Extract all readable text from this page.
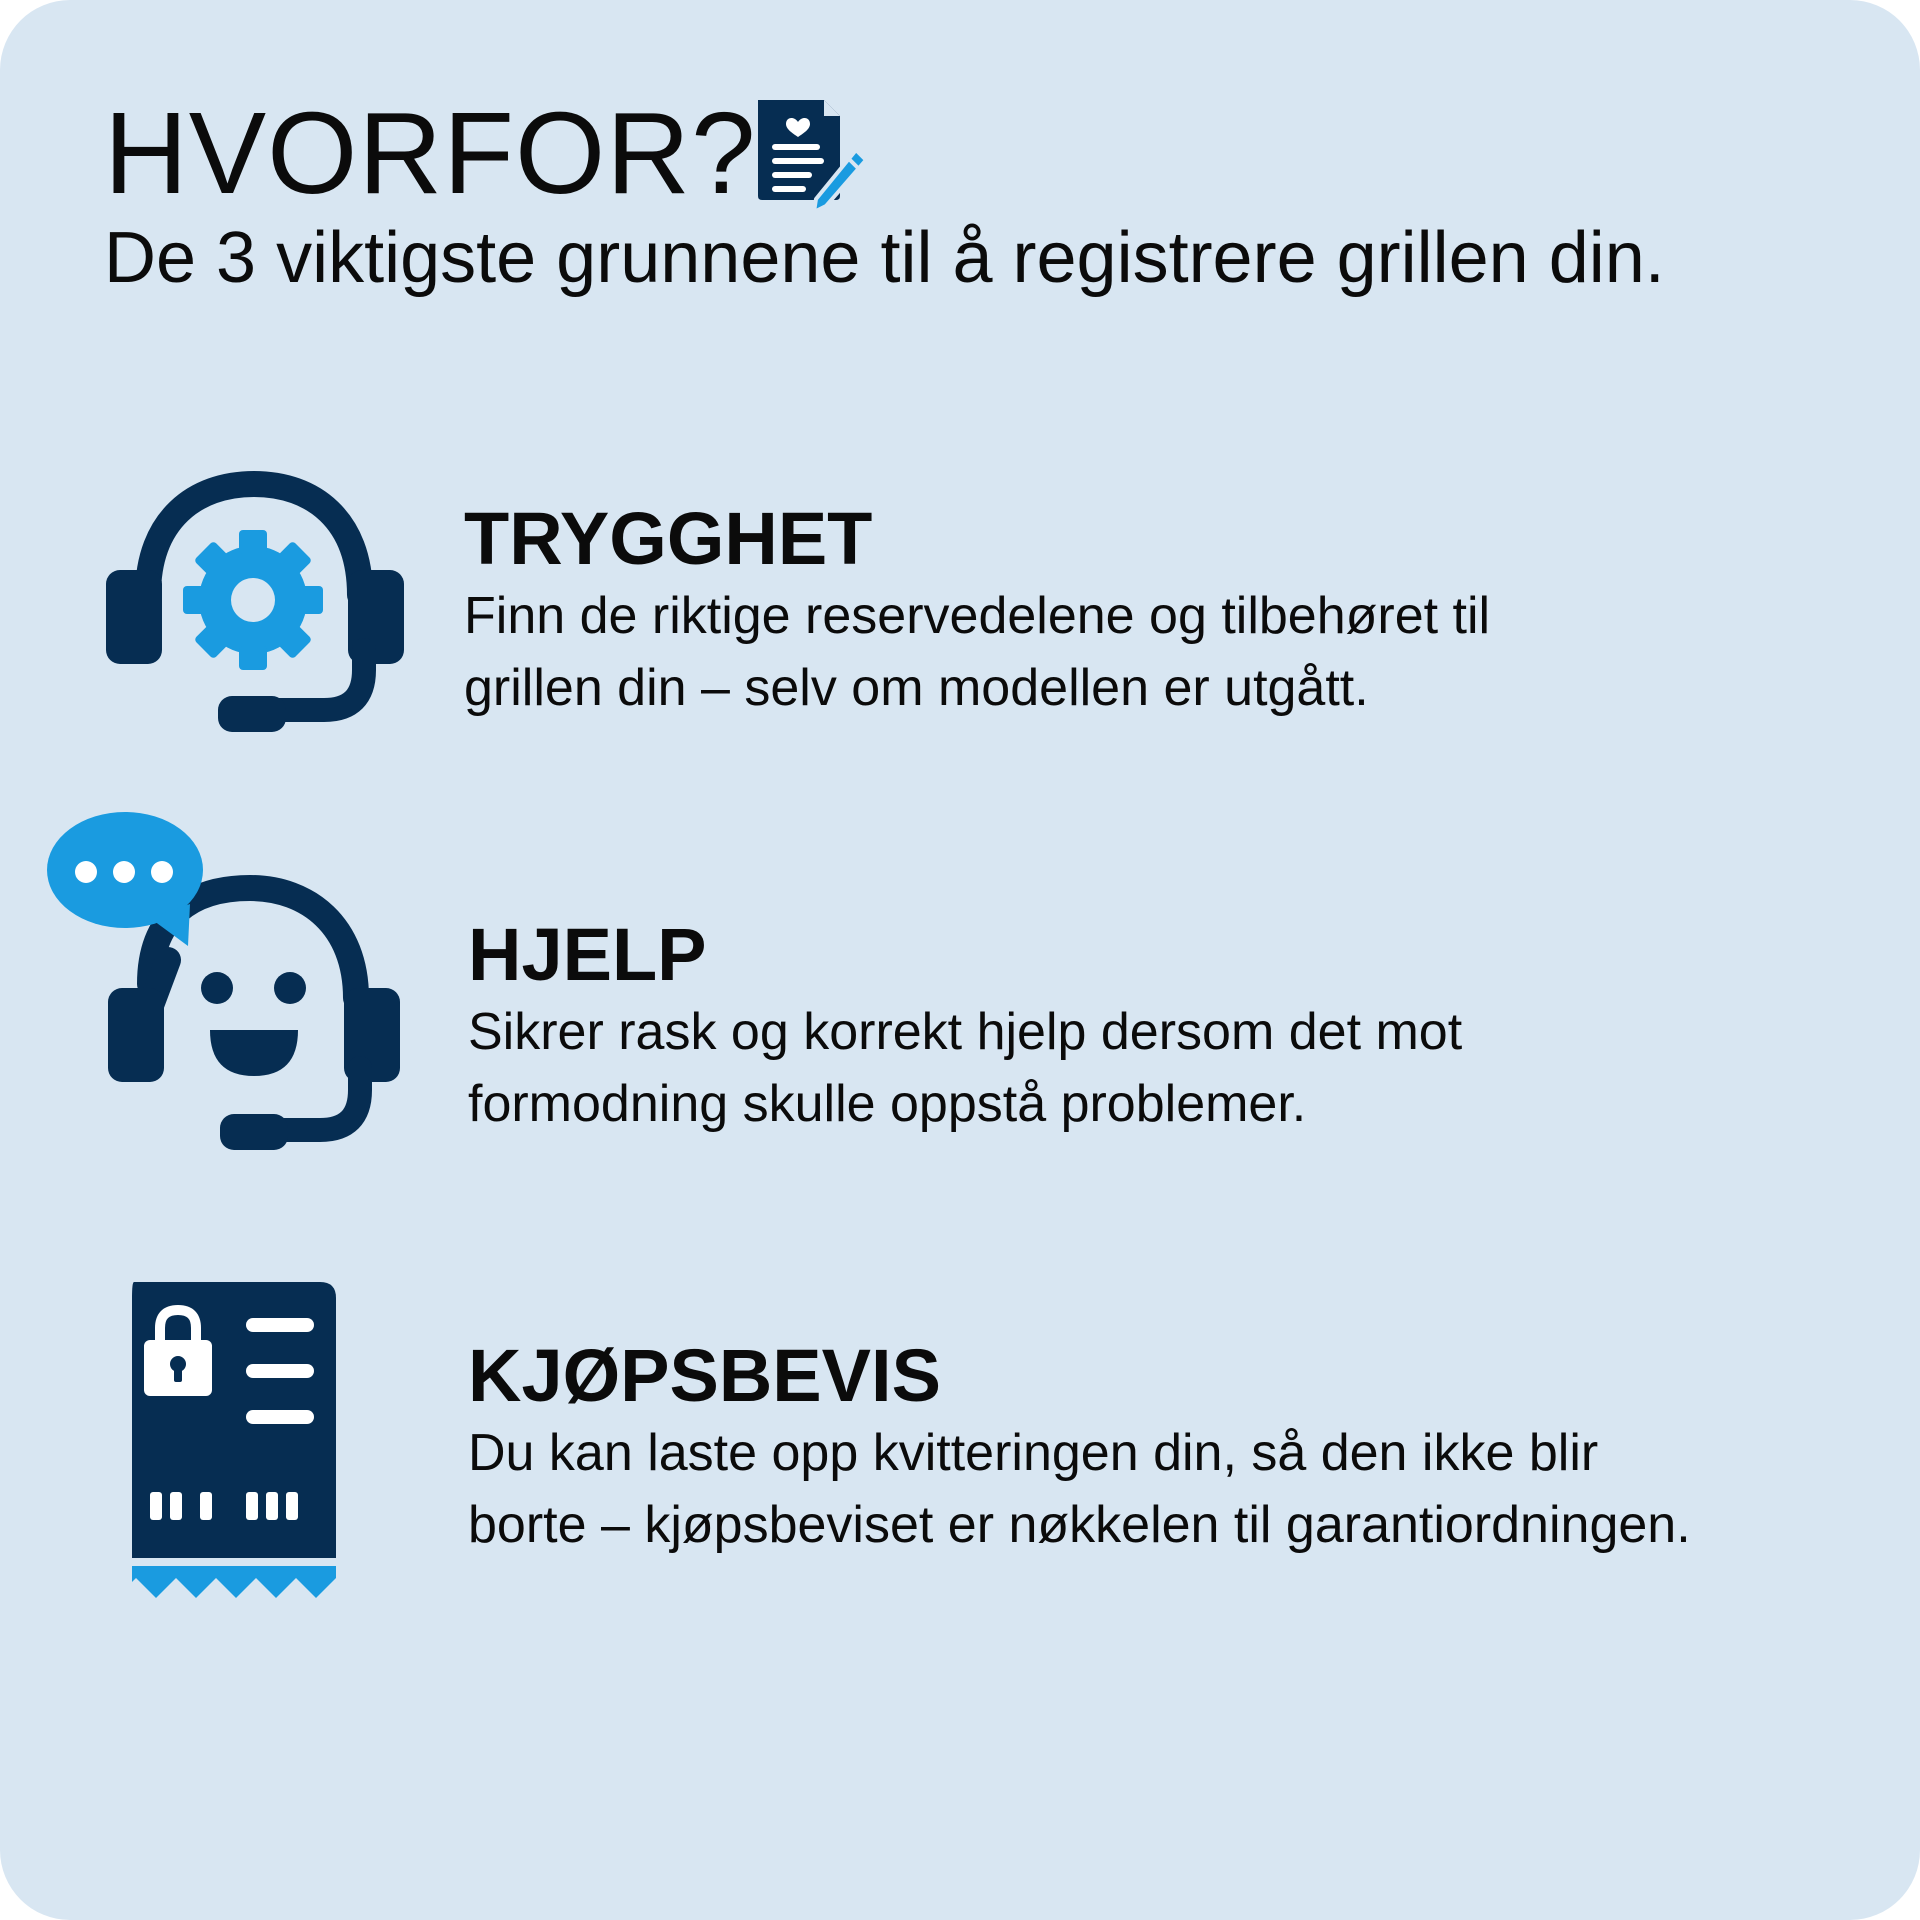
HVORFOR?

De 3 viktigste grunnene til å registrere grillen din.

TRYGGHET
Finn de riktige reservedelene og tilbehøret til
grillen din – selv om modellen er utgått.
HJELP
Sikrer rask og korrekt hjelp dersom det mot
formodning skulle oppstå problemer.
KJØPSBEVIS
Du kan laste opp kvitteringen din, så den ikke blir
borte – kjøpsbeviset er nøkkelen til garantiordningen.
